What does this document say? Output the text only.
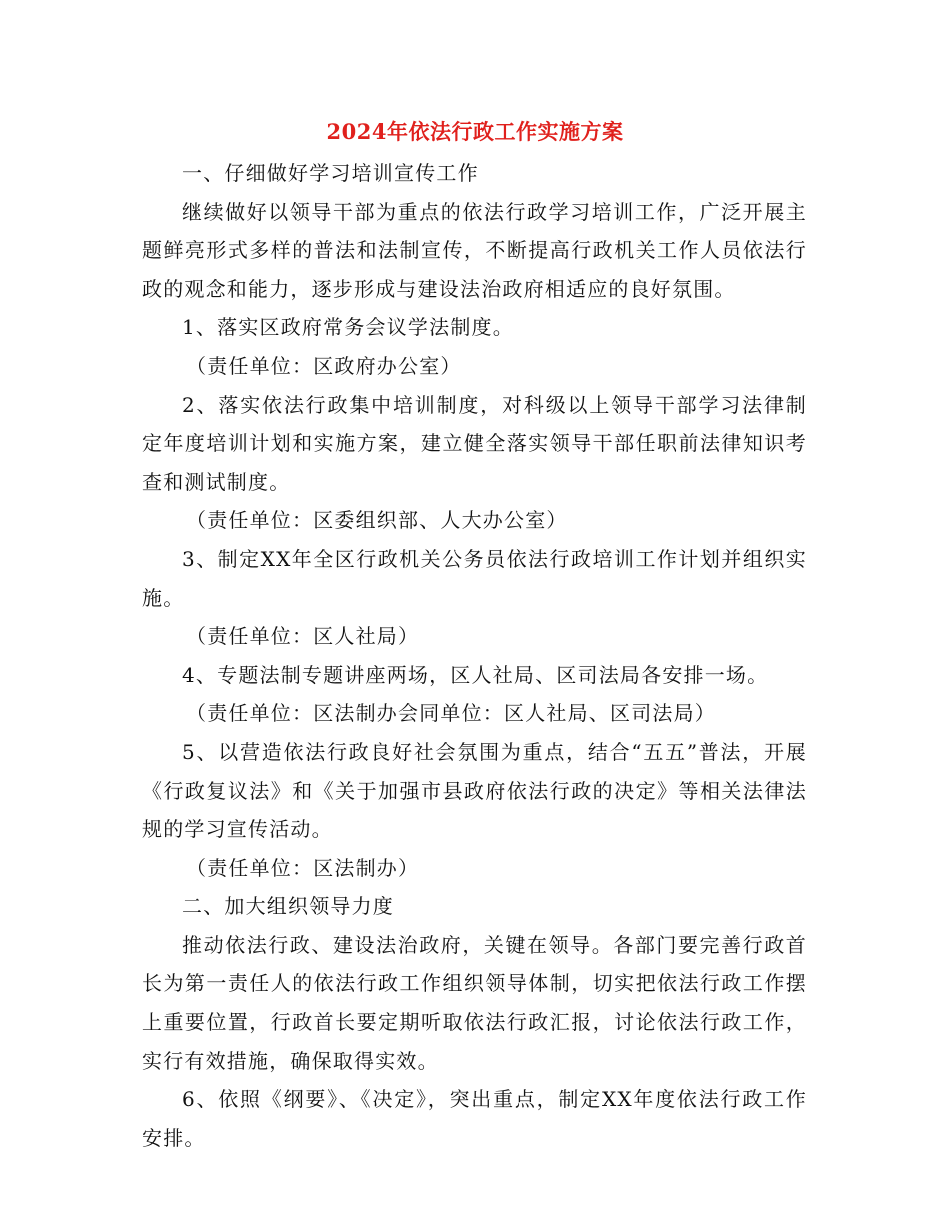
2024年依法行政工作实施方案

一、仔细做好学习培训宣传工作

继续做好以领导干部为重点的依法行政学习培训工作，广泛开展主题鲜亮形式多样的普法和法制宣传，不断提高行政机关工作人员依法行政的观念和能力，逐步形成与建设法治政府相适应的良好氛围。

1、落实区政府常务会议学法制度。

（责任单位：区政府办公室）

2、落实依法行政集中培训制度，对科级以上领导干部学习法律制定年度培训计划和实施方案，建立健全落实领导干部任职前法律知识考查和测试制度。

（责任单位：区委组织部、人大办公室）

3、制定XX年全区行政机关公务员依法行政培训工作计划并组织实施。

（责任单位：区人社局）

4、专题法制专题讲座两场，区人社局、区司法局各安排一场。

（责任单位：区法制办会同单位：区人社局、区司法局）

5、以营造依法行政良好社会氛围为重点，结合“五五”普法，开展《行政复议法》和《关于加强市县政府依法行政的决定》等相关法律法规的学习宣传活动。

（责任单位：区法制办）

二、加大组织领导力度

推动依法行政、建设法治政府，关键在领导。各部门要完善行政首长为第一责任人的依法行政工作组织领导体制，切实把依法行政工作摆上重要位置，行政首长要定期听取依法行政汇报，讨论依法行政工作，实行有效措施，确保取得实效。

6、依照《纲要》、《决定》，突出重点，制定XX年度依法行政工作安排。
